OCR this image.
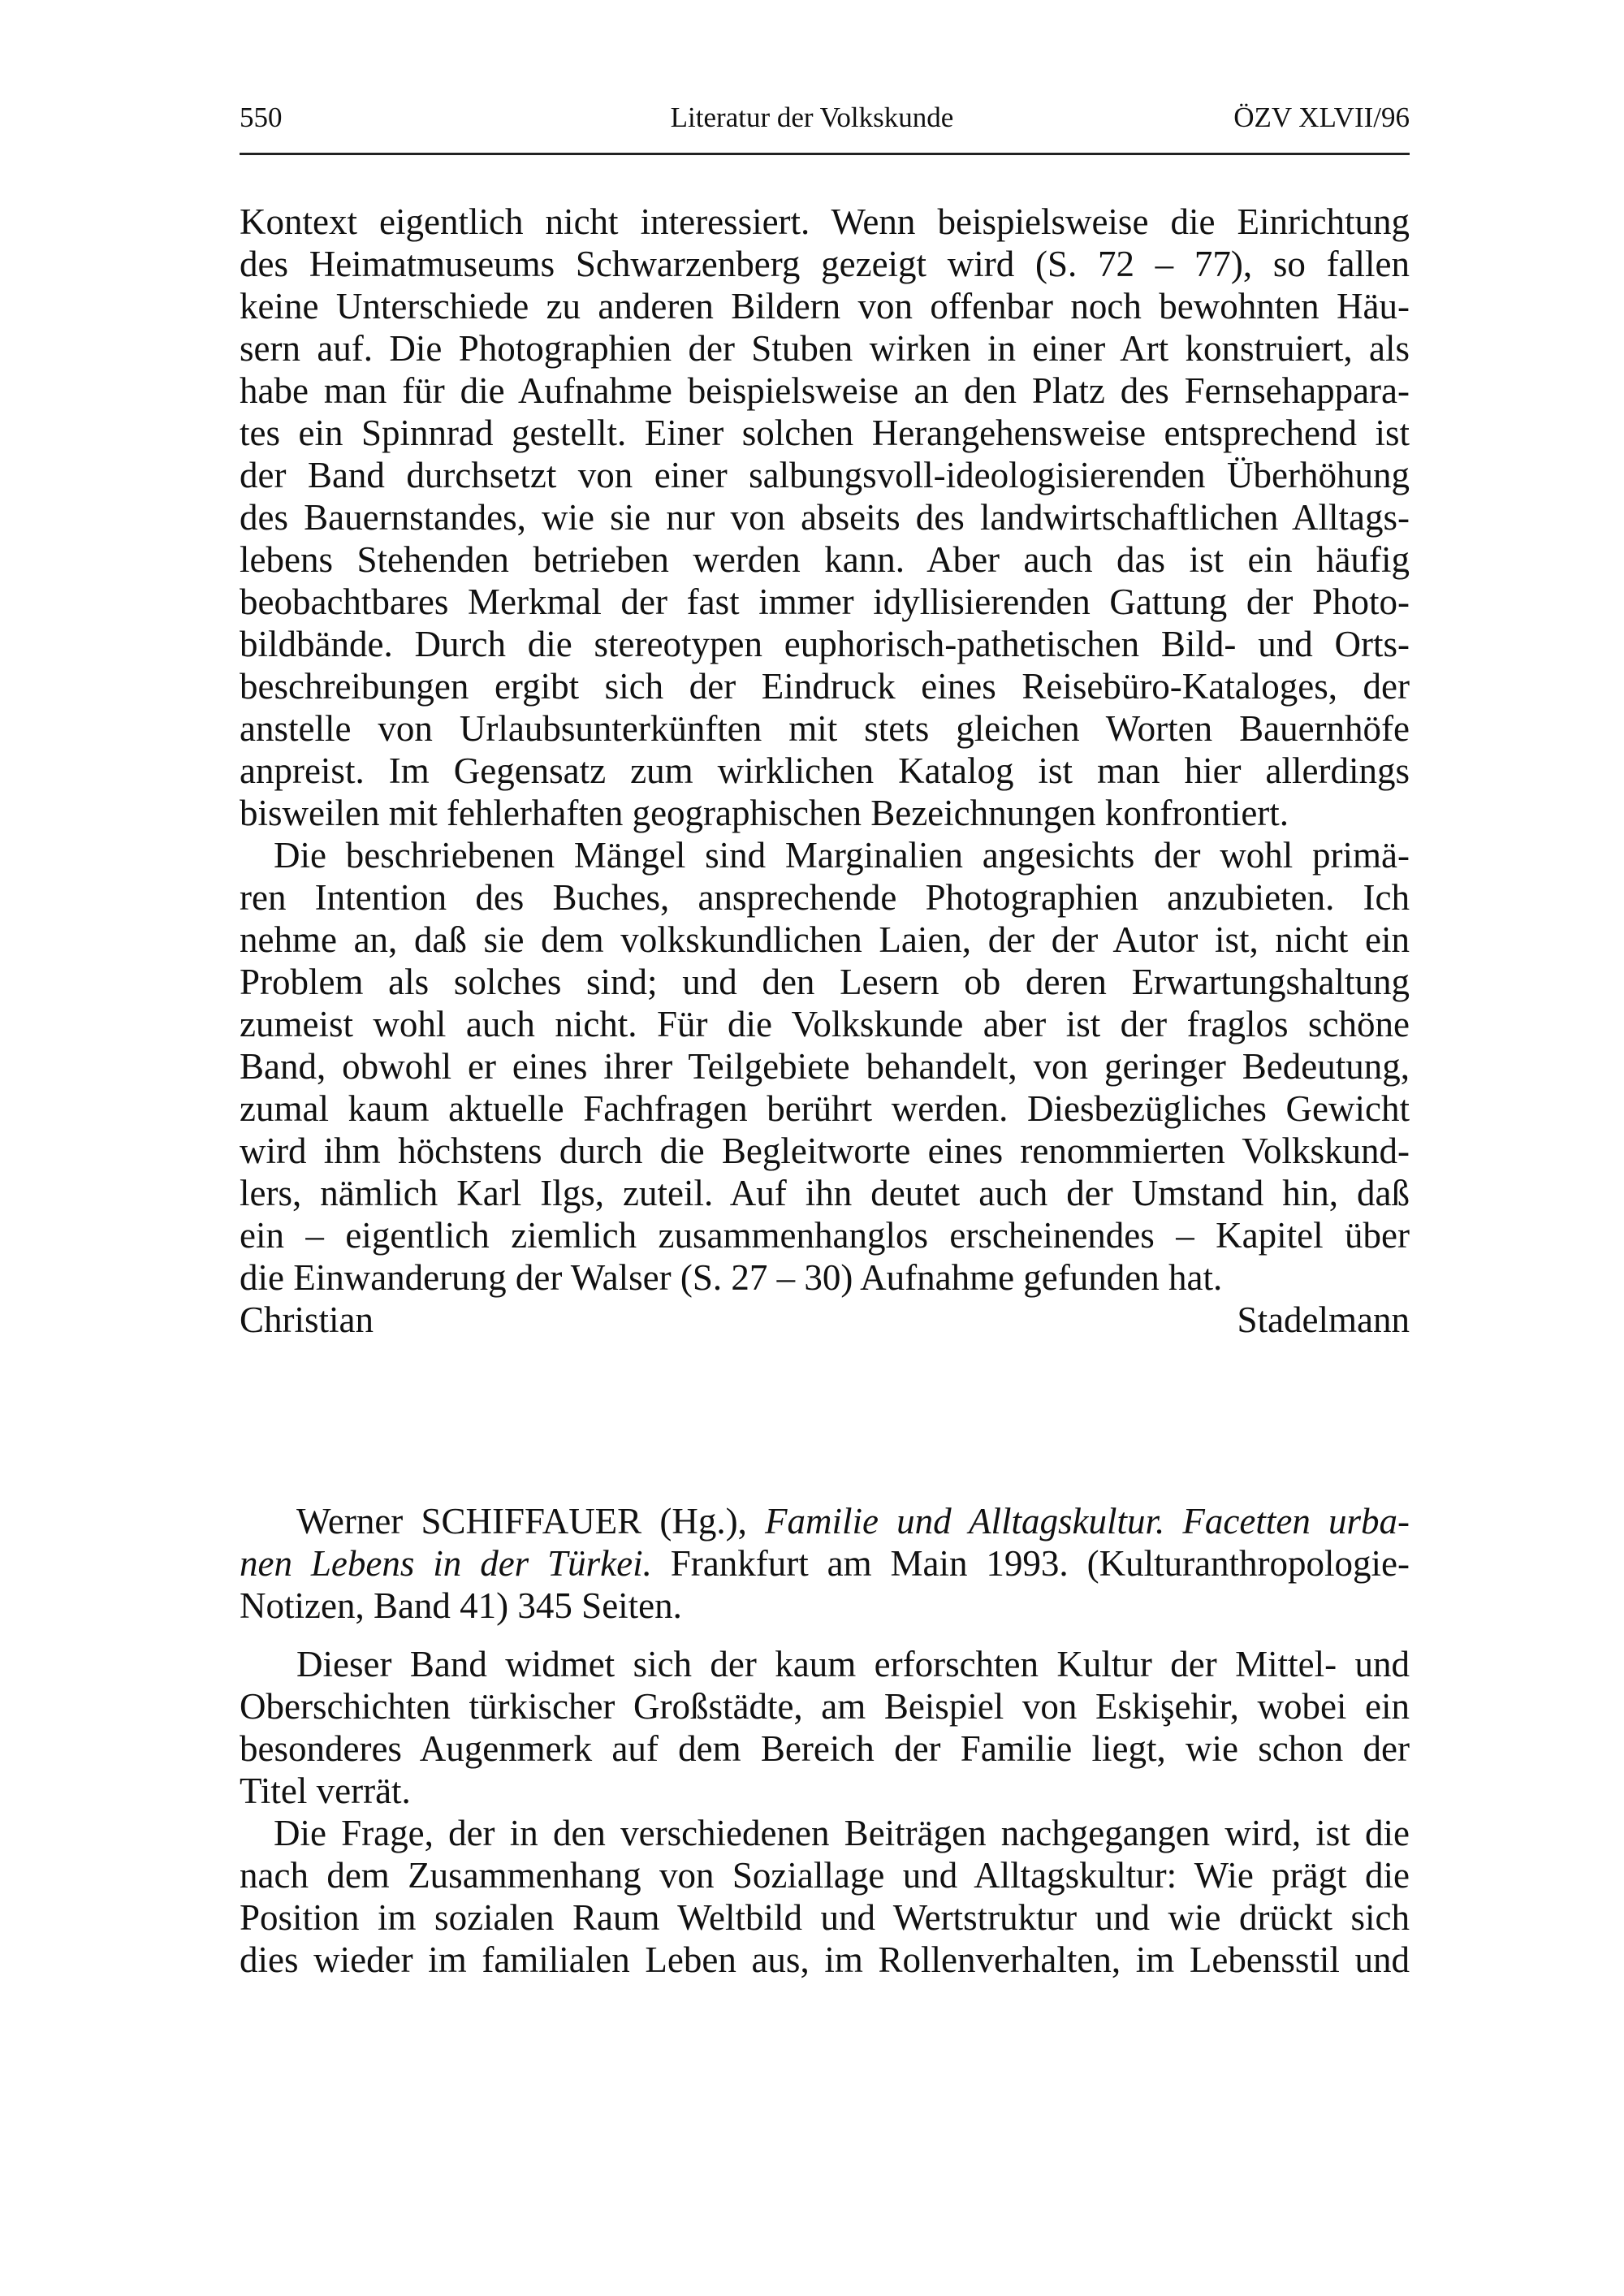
550	Literatur der Volkskunde	ÖZV XLVII/96
Kontext eigentlich nicht interessiert. Wenn beispielsweise die Einrichtung
des Heimatmuseums Schwarzenberg gezeigt wird (S. 72 – 77), so fallen
keine Unterschiede zu anderen Bildern von offenbar noch bewohnten Häu-
sern auf. Die Photographien der Stuben wirken in einer Art konstruiert, als
habe man für die Aufnahme beispielsweise an den Platz des Fernsehappara-
tes ein Spinnrad gestellt. Einer solchen Herangehensweise entsprechend ist
der Band durchsetzt von einer salbungsvoll-ideologisierenden Überhöhung
des Bauernstandes, wie sie nur von abseits des landwirtschaftlichen Alltags-
lebens Stehenden betrieben werden kann. Aber auch das ist ein häufig
beobachtbares Merkmal der fast immer idyllisierenden Gattung der Photo-
bildbände. Durch die stereotypen euphorisch-pathetischen Bild- und Orts-
beschreibungen ergibt sich der Eindruck eines Reisebüro-Kataloges, der
anstelle von Urlaubsunterkünften mit stets gleichen Worten Bauernhöfe
anpreist. Im Gegensatz zum wirklichen Katalog ist man hier allerdings
bisweilen mit fehlerhaften geographischen Bezeichnungen konfrontiert.
Die beschriebenen Mängel sind Marginalien angesichts der wohl primä-
ren Intention des Buches, ansprechende Photographien anzubieten. Ich
nehme an, daß sie dem volkskundlichen Laien, der der Autor ist, nicht ein
Problem als solches sind; und den Lesern ob deren Erwartungshaltung
zumeist wohl auch nicht. Für die Volkskunde aber ist der fraglos schöne
Band, obwohl er eines ihrer Teilgebiete behandelt, von geringer Bedeutung,
zumal kaum aktuelle Fachfragen berührt werden. Diesbezügliches Gewicht
wird ihm höchstens durch die Begleitworte eines renommierten Volkskund-
lers, nämlich Karl Ilgs, zuteil. Auf ihn deutet auch der Umstand hin, daß
ein – eigentlich ziemlich zusammenhanglos erscheinendes – Kapitel über
die Einwanderung der Walser (S. 27 – 30) Aufnahme gefunden hat.
Christian Stadelmann
Werner SCHIFFAUER (Hg.), Familie und Alltagskultur. Facetten urba-
nen Lebens in der Türkei. Frankfurt am Main 1993. (Kulturanthropologie-
Notizen, Band 41) 345 Seiten.
Dieser Band widmet sich der kaum erforschten Kultur der Mittel- und
Oberschichten türkischer Großstädte, am Beispiel von Eskişehir, wobei ein
besonderes Augenmerk auf dem Bereich der Familie liegt, wie schon der
Titel verrät.
Die Frage, der in den verschiedenen Beiträgen nachgegangen wird, ist die
nach dem Zusammenhang von Soziallage und Alltagskultur: Wie prägt die
Position im sozialen Raum Weltbild und Wertstruktur und wie drückt sich
dies wieder im familialen Leben aus, im Rollenverhalten, im Lebensstil und
